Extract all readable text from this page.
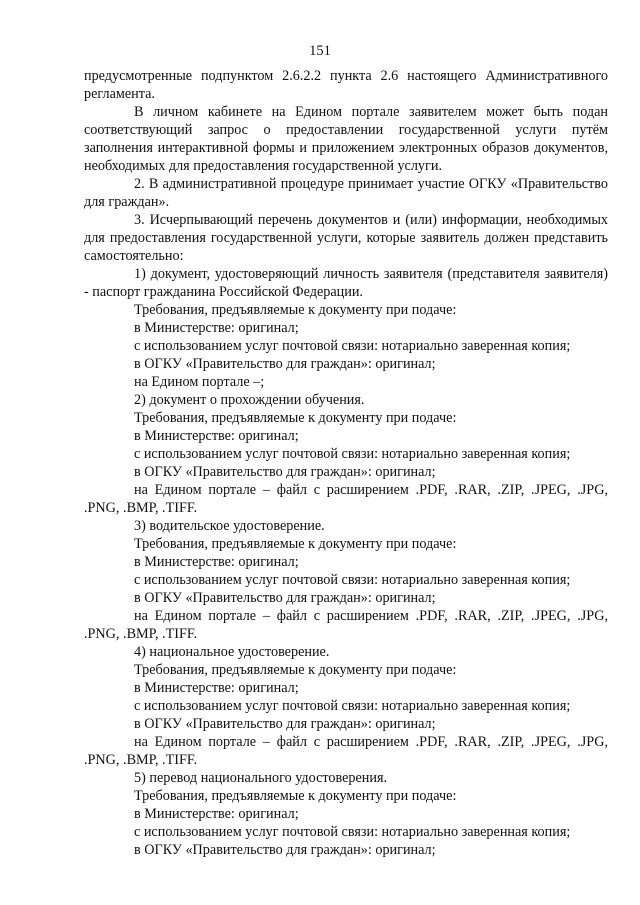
151

предусмотренные подпунктом 2.6.2.2 пункта 2.6 настоящего Административного регламента.

В личном кабинете на Едином портале заявителем может быть подан соответствующий запрос о предоставлении государственной услуги путём заполнения интерактивной формы и приложением электронных образов документов, необходимых для предоставления государственной услуги.

2. В административной процедуре принимает участие ОГКУ «Правительство для граждан».

3. Исчерпывающий перечень документов и (или) информации, необходимых для предоставления государственной услуги, которые заявитель должен представить самостоятельно:

1) документ, удостоверяющий личность заявителя (представителя заявителя) - паспорт гражданина Российской Федерации.

Требования, предъявляемые к документу при подаче:

в Министерстве: оригинал;

с использованием услуг почтовой связи: нотариально заверенная копия;

в ОГКУ «Правительство для граждан»: оригинал;

на Едином портале –;

2) документ о прохождении обучения.

Требования, предъявляемые к документу при подаче:

в Министерстве: оригинал;

с использованием услуг почтовой связи: нотариально заверенная копия;

в ОГКУ «Правительство для граждан»: оригинал;

на Едином портале – файл с расширением .PDF, .RAR, .ZIP, .JPEG, .JPG,

.PNG, .BMP, .TIFF.

3) водительское удостоверение.

Требования, предъявляемые к документу при подаче:

в Министерстве: оригинал;

с использованием услуг почтовой связи: нотариально заверенная копия;

в ОГКУ «Правительство для граждан»: оригинал;

на Едином портале – файл с расширением .PDF, .RAR, .ZIP, .JPEG, .JPG,

.PNG, .BMP, .TIFF.

4) национальное удостоверение.

Требования, предъявляемые к документу при подаче:

в Министерстве: оригинал;

с использованием услуг почтовой связи: нотариально заверенная копия;

в ОГКУ «Правительство для граждан»: оригинал;

на Едином портале – файл с расширением .PDF, .RAR, .ZIP, .JPEG, .JPG,

.PNG, .BMP, .TIFF.

5) перевод национального удостоверения.

Требования, предъявляемые к документу при подаче:

в Министерстве: оригинал;

с использованием услуг почтовой связи: нотариально заверенная копия;

в ОГКУ «Правительство для граждан»: оригинал;
